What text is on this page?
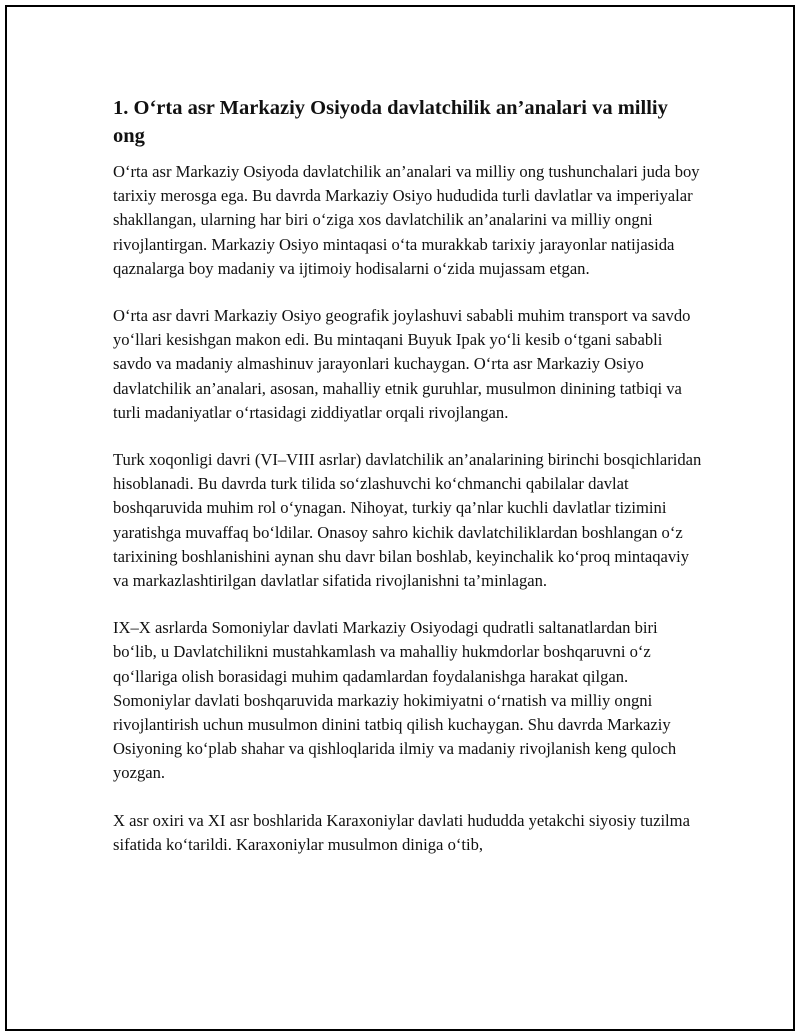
1. O‘rta asr Markaziy Osiyoda davlatchilik an’analari va milliy ong

O‘rta asr Markaziy Osiyoda davlatchilik an’analari va milliy ong tushunchalari juda boy tarixiy merosga ega. Bu davrda Markaziy Osiyo hududida turli davlatlar va imperiyalar shakllangan, ularning har biri o‘ziga xos davlatchilik an’analarini va milliy ongni rivojlantirgan. Markaziy Osiyo mintaqasi o‘ta murakkab tarixiy jarayonlar natijasida qaznalarga boy madaniy va ijtimoiy hodisalarni o‘zida mujassam etgan.

O‘rta asr davri Markaziy Osiyo geografik joylashuvi sababli muhim transport va savdo yo‘llari kesishgan makon edi. Bu mintaqani Buyuk Ipak yo‘li kesib o‘tgani sababli savdo va madaniy almashinuv jarayonlari kuchaygan. O‘rta asr Markaziy Osiyo davlatchilik an’analari, asosan, mahalliy etnik guruhlar, musulmon dinining tatbiqi va turli madaniyatlar o‘rtasidagi ziddiyatlar orqali rivojlangan.

Turk xoqonligi davri (VI–VIII asrlar) davlatchilik an’analarining birinchi bosqichlaridan hisoblanadi. Bu davrda turk tilida so‘zlashuvchi ko‘chmanchi qabilalar davlat boshqaruvida muhim rol o‘ynagan. Nihoyat, turkiy qa’nlar kuchli davlatlar tizimini yaratishga muvaffaq bo‘ldilar. Onasoy sahro kichik davlatchiliklardan boshlangan o‘z tarixining boshlanishini aynan shu davr bilan boshlab, keyinchalik ko‘proq mintaqaviy va markazlashtirilgan davlatlar sifatida rivojlanishni ta’minlagan.

IX–X asrlarda Somoniylar davlati Markaziy Osiyodagi qudratli saltanatlardan biri bo‘lib, u Davlatchilikni mustahkamlash va mahalliy hukmdorlar boshqaruvni o‘z qo‘llariga olish borasidagi muhim qadamlardan foydalanishga harakat qilgan. Somoniylar davlati boshqaruvida markaziy hokimiyatni o‘rnatish va milliy ongni rivojlantirish uchun musulmon dinini tatbiq qilish kuchaygan. Shu davrda Markaziy Osiyoning ko‘plab shahar va qishloqlarida ilmiy va madaniy rivojlanish keng quloch yozgan.

X asr oxiri va XI asr boshlarida Karaxoniylar davlati hududda yetakchi siyosiy tuzilma sifatida ko‘tarildi. Karaxoniylar musulmon diniga o‘tib,
